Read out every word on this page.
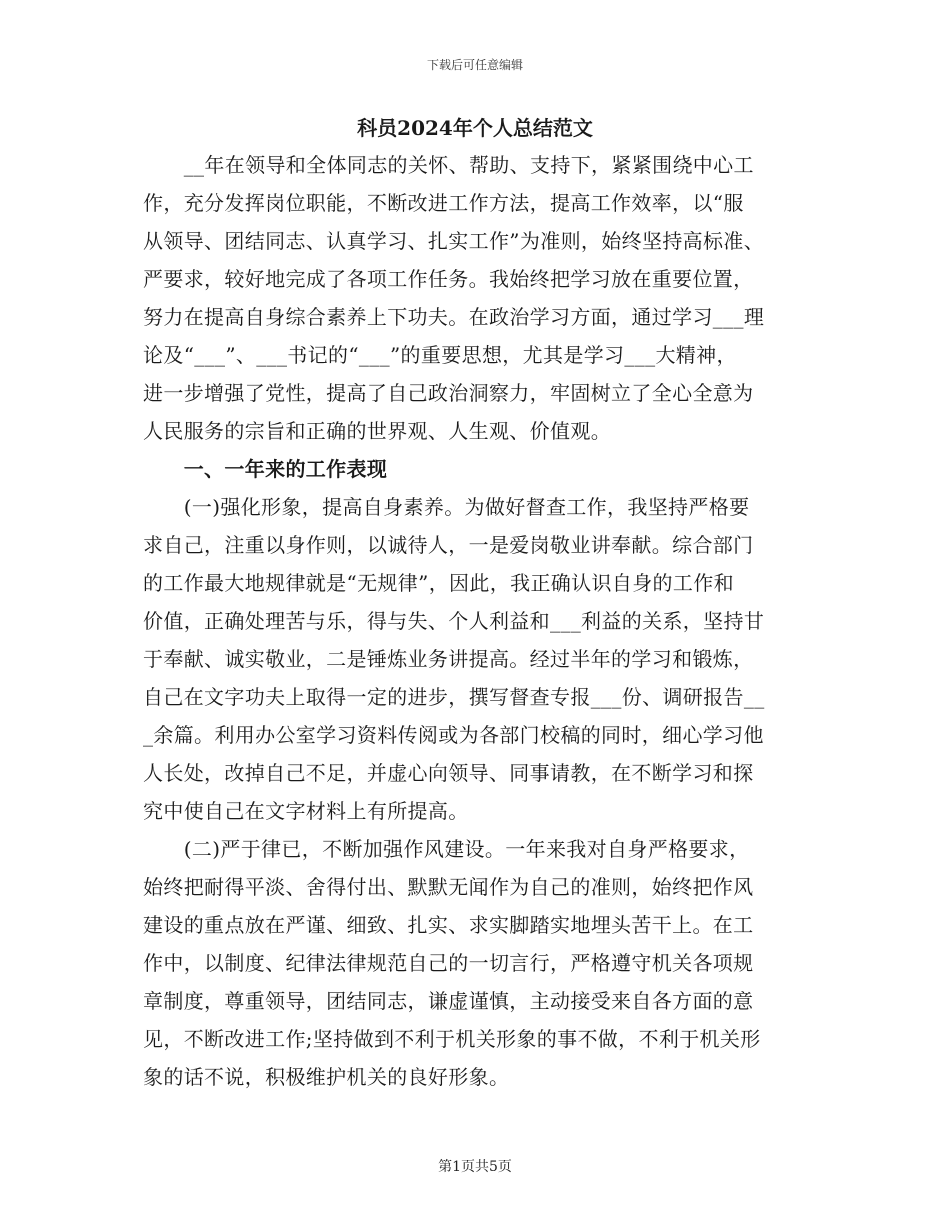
下载后可任意编辑
科员2024年个人总结范文
　　__年在领导和全体同志的关怀、帮助、支持下，紧紧围绕中心工
作，充分发挥岗位职能，不断改进工作方法，提高工作效率，以“服
从领导、团结同志、认真学习、扎实工作”为准则，始终坚持高标准、
严要求，较好地完成了各项工作任务。我始终把学习放在重要位置，
努力在提高自身综合素养上下功夫。在政治学习方面，通过学习___理
论及“___”、___书记的“___”的重要思想，尤其是学习___大精神，
进一步增强了党性，提高了自己政治洞察力，牢固树立了全心全意为
人民服务的宗旨和正确的世界观、人生观、价值观。
　　一、一年来的工作表现
　　(一)强化形象，提高自身素养。为做好督查工作，我坚持严格要
求自己，注重以身作则，以诚待人，一是爱岗敬业讲奉献。综合部门
的工作最大地规律就是“无规律”，因此，我正确认识自身的工作和
价值，正确处理苦与乐，得与失、个人利益和___利益的关系，坚持甘
于奉献、诚实敬业，二是锤炼业务讲提高。经过半年的学习和锻炼，
自己在文字功夫上取得一定的进步，撰写督查专报___份、调研报告__
_余篇。利用办公室学习资料传阅或为各部门校稿的同时，细心学习他
人长处，改掉自己不足，并虚心向领导、同事请教，在不断学习和探
究中使自己在文字材料上有所提高。
　　(二)严于律已，不断加强作风建设。一年来我对自身严格要求，
始终把耐得平淡、舍得付出、默默无闻作为自己的准则，始终把作风
建设的重点放在严谨、细致、扎实、求实脚踏实地埋头苦干上。在工
作中，以制度、纪律法律规范自己的一切言行，严格遵守机关各项规
章制度，尊重领导，团结同志，谦虚谨慎，主动接受来自各方面的意
见，不断改进工作;坚持做到不利于机关形象的事不做，不利于机关形
象的话不说，积极维护机关的良好形象。
第1页共5页
